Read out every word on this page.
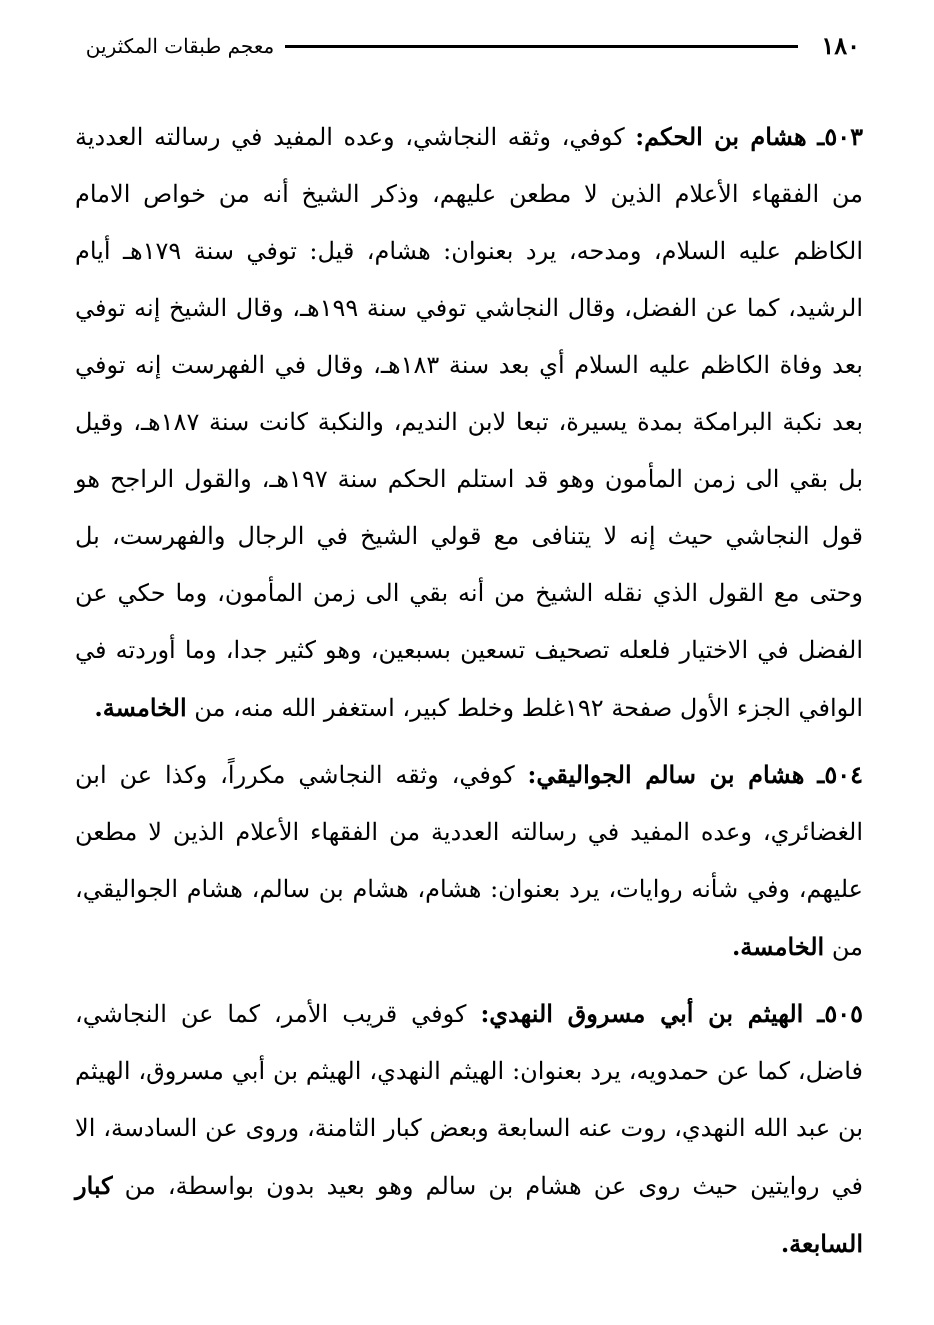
١٨٠
معجم طبقات المكثرين

٥٠٣ـ هشام بن الحكم: كوفي، وثقه النجاشي، وعده المفيد في رسالته العددية من الفقهاء الأعلام الذين لا مطعن عليهم، وذكر الشيخ أنه من خواص الامام الكاظم عليه السلام، ومدحه، يرد بعنوان: هشام، قيل: توفي سنة ١٧٩هـ أيام الرشيد، كما عن الفضل، وقال النجاشي توفي سنة ١٩٩هـ، وقال الشيخ إنه توفي بعد وفاة الكاظم عليه السلام أي بعد سنة ١٨٣هـ، وقال في الفهرست إنه توفي بعد نكبة البرامكة بمدة يسيرة، تبعا لابن النديم، والنكبة كانت سنة ١٨٧هـ، وقيل بل بقي الى زمن المأمون وهو قد استلم الحكم سنة ١٩٧هـ، والقول الراجح هو قول النجاشي حيث إنه لا يتنافى مع قولي الشيخ في الرجال والفهرست، بل وحتى مع القول الذي نقله الشيخ من أنه بقي الى زمن المأمون، وما حكي عن الفضل في الاختيار فلعله تصحيف تسعين بسبعين، وهو كثير جدا، وما أوردته في الوافي الجزء الأول صفحة ١٩٢غلط وخلط كبير، استغفر الله منه، من الخامسة.

٥٠٤ـ هشام بن سالم الجواليقي: كوفي، وثقه النجاشي مكرراً، وكذا عن ابن الغضائري، وعده المفيد في رسالته العددية من الفقهاء الأعلام الذين لا مطعن عليهم، وفي شأنه روايات، يرد بعنوان: هشام، هشام بن سالم، هشام الجواليقي، من الخامسة.

٥٠٥ـ الهيثم بن أبي مسروق النهدي: كوفي قريب الأمر، كما عن النجاشي، فاضل، كما عن حمدويه، يرد بعنوان: الهيثم النهدي، الهيثم بن أبي مسروق، الهيثم بن عبد الله النهدي، روت عنه السابعة وبعض كبار الثامنة، وروى عن السادسة، الا في روايتين حيث روى عن هشام بن سالم وهو بعيد بدون بواسطة، من كبار السابعة.
